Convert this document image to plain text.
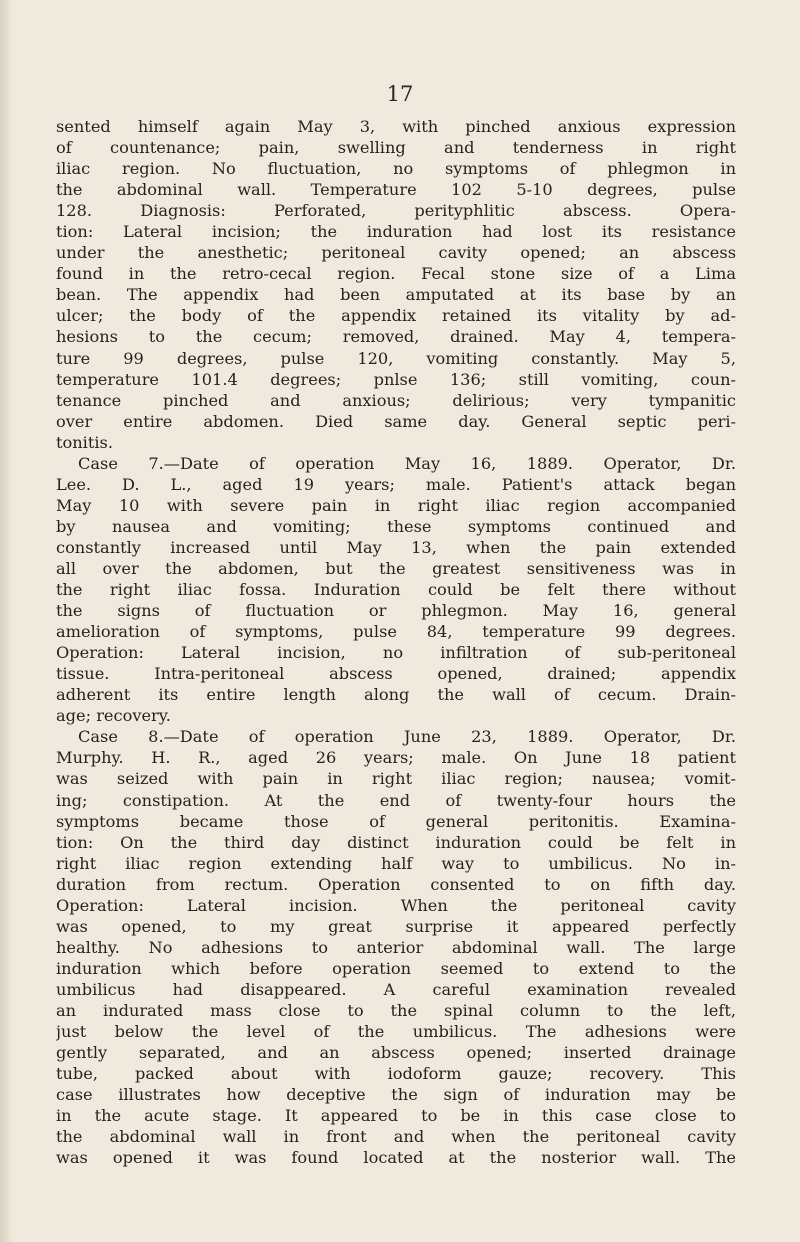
17
sented himself again May 3, with pinched anxious expression
of countenance; pain, swelling and tenderness in right
iliac region. No fluctuation, no symptoms of phlegmon in
the abdominal wall. Temperature 102 5-10 degrees, pulse
128. Diagnosis: Perforated, perityphlitic abscess. Opera-
tion: Lateral incision; the induration had lost its resistance
under the anesthetic; peritoneal cavity opened; an abscess
found in the retro-cecal region. Fecal stone size of a Lima
bean. The appendix had been amputated at its base by an
ulcer; the body of the appendix retained its vitality by ad-
hesions to the cecum; removed, drained. May 4, tempera-
ture 99 degrees, pulse 120, vomiting constantly. May 5,
temperature 101.4 degrees; pnlse 136; still vomiting, coun-
tenance pinched and anxious; delirious; very tympanitic
over entire abdomen. Died same day. General septic peri-
tonitis.
Case 7.—Date of operation May 16, 1889. Operator, Dr.
Lee. D. L., aged 19 years; male. Patient's attack began
May 10 with severe pain in right iliac region accompanied
by nausea and vomiting; these symptoms continued and
constantly increased until May 13, when the pain extended
all over the abdomen, but the greatest sensitiveness was in
the right iliac fossa. Induration could be felt there without
the signs of fluctuation or phlegmon. May 16, general
amelioration of symptoms, pulse 84, temperature 99 degrees.
Operation: Lateral incision, no infiltration of sub-peritoneal
tissue. Intra-peritoneal abscess opened, drained; appendix
adherent its entire length along the wall of cecum. Drain-
age; recovery.
Case 8.—Date of operation June 23, 1889. Operator, Dr.
Murphy. H. R., aged 26 years; male. On June 18 patient
was seized with pain in right iliac region; nausea; vomit-
ing; constipation. At the end of twenty-four hours the
symptoms became those of general peritonitis. Examina-
tion: On the third day distinct induration could be felt in
right iliac region extending half way to umbilicus. No in-
duration from rectum. Operation consented to on fifth day.
Operation: Lateral incision. When the peritoneal cavity
was opened, to my great surprise it appeared perfectly
healthy. No adhesions to anterior abdominal wall. The large
induration which before operation seemed to extend to the
umbilicus had disappeared. A careful examination revealed
an indurated mass close to the spinal column to the left,
just below the level of the umbilicus. The adhesions were
gently separated, and an abscess opened; inserted drainage
tube, packed about with iodoform gauze; recovery. This
case illustrates how deceptive the sign of induration may be
in the acute stage. It appeared to be in this case close to
the abdominal wall in front and when the peritoneal cavity
was opened it was found located at the nosterior wall. The
